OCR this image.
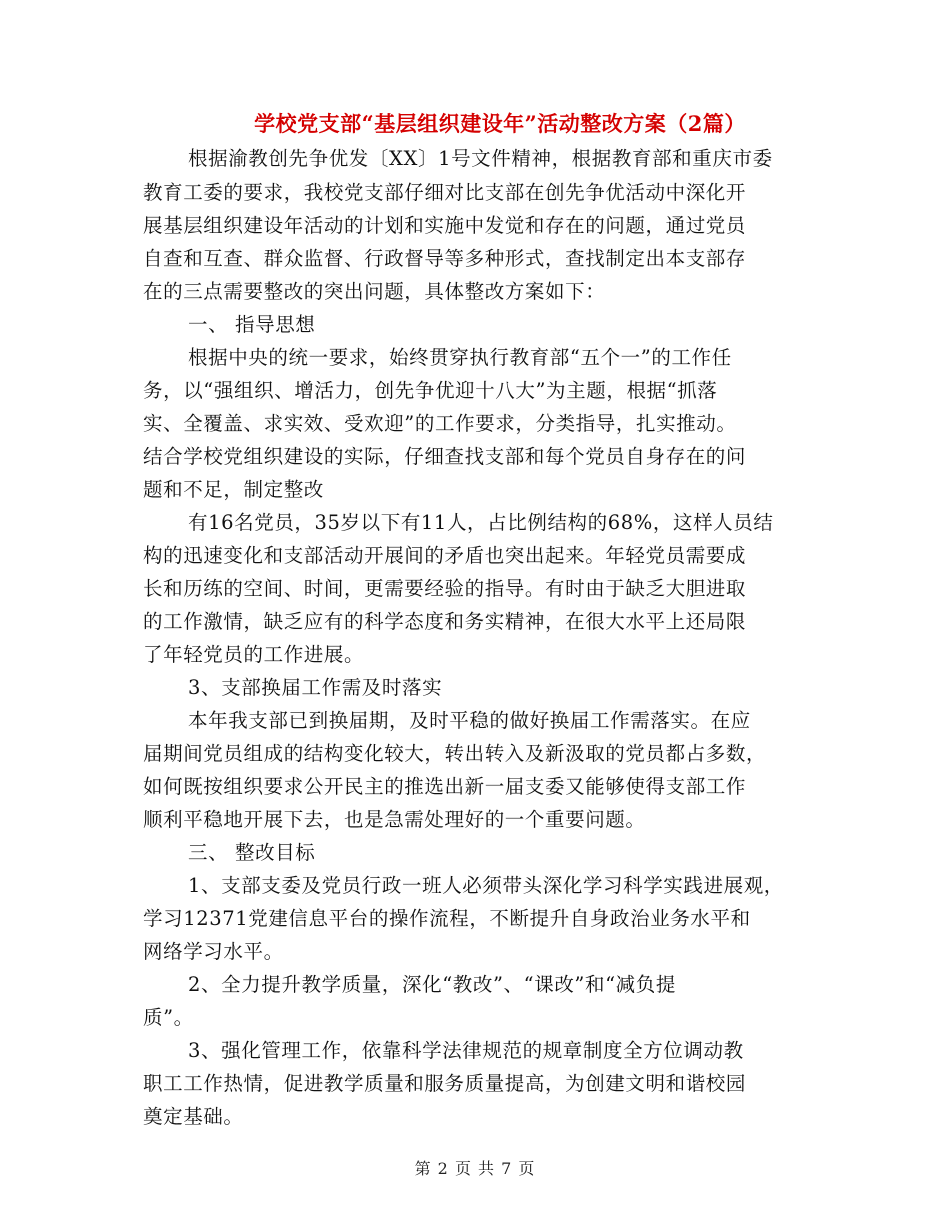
学校党支部“基层组织建设年”活动整改方案（2篇）
根据渝教创先争优发〔XX〕1号文件精神，根据教育部和重庆市委
教育工委的要求，我校党支部仔细对比支部在创先争优活动中深化开
展基层组织建设年活动的计划和实施中发觉和存在的问题，通过党员
自查和互查、群众监督、行政督导等多种形式，查找制定出本支部存
在的三点需要整改的突出问题，具体整改方案如下：
一、 指导思想
根据中央的统一要求，始终贯穿执行教育部“五个一”的工作任
务，以“强组织、增活力，创先争优迎十八大”为主题，根据“抓落
实、全覆盖、求实效、受欢迎”的工作要求，分类指导，扎实推动。
结合学校党组织建设的实际，仔细查找支部和每个党员自身存在的问
题和不足，制定整改
有16名党员，35岁以下有11人，占比例结构的68%，这样人员结
构的迅速变化和支部活动开展间的矛盾也突出起来。年轻党员需要成
长和历练的空间、时间，更需要经验的指导。有时由于缺乏大胆进取
的工作激情，缺乏应有的科学态度和务实精神，在很大水平上还局限
了年轻党员的工作进展。
3、支部换届工作需及时落实
本年我支部已到换届期，及时平稳的做好换届工作需落实。在应
届期间党员组成的结构变化较大，转出转入及新汲取的党员都占多数，
如何既按组织要求公开民主的推选出新一届支委又能够使得支部工作
顺利平稳地开展下去，也是急需处理好的一个重要问题。
三、 整改目标
1、支部支委及党员行政一班人必须带头深化学习科学实践进展观，
学习12371党建信息平台的操作流程，不断提升自身政治业务水平和
网络学习水平。
2、全力提升教学质量，深化“教改”、“课改”和“减负提
质”。
3、强化管理工作，依靠科学法律规范的规章制度全方位调动教
职工工作热情，促进教学质量和服务质量提高，为创建文明和谐校园
奠定基础。
第 2 页 共 7 页
